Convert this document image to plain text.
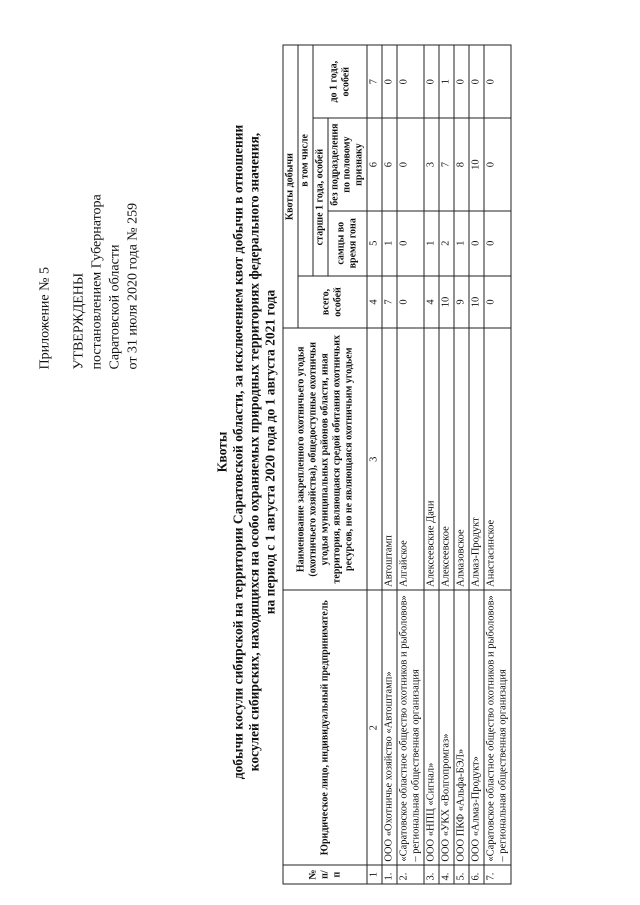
Приложение № 5 УТВЕРЖДЕНЫ постановлением Губернатора Саратовской области от 31 июля 2020 года № 259
Квоты добычи косули сибирской на территории Саратовской области, за исключением квот добычи в отношении косулей сибирских, находящихся на особо охраняемых природных территориях федерального значения, на период с 1 августа 2020 года до 1 августа 2021 года
№ п/п	Юридическое лицо, индивидуальный предприниматель	Наименование закрепленного охотничьего угодья (охотничьего хозяйства), общедоступные охотничьи угодья муниципальных районов области, иная территория, являющаяся средой обитания охотничьих ресурсов, но не являющаяся охотничьим угодьем	Квоты добычи			
			всего, особей	в том числе		
				старше 1 года, особей		до 1 года, особей
				самцы во время гона	без подразделения по половому признаку	
1	2	3	4	5	6	7
1.	ООО «Охотничье хозяйство «Автоштамп»	Автоштамп	7	1	6	0
2.	«Саратовское областное общество охотников и рыболовов» – региональная общественная организация	Алгайское	0	0	0	0
3.	ООО «НПЦ «Сигнал»	Алексеевские Дачи	4	1	3	0
4.	ООО «УКХ «Волгопромгаз»	Алексеевское	10	2	7	1
5.	ООО ПКФ «Альфа-БЭЛ»	Алмазовское	9	1	8	0
6.	ООО «Алмаз-Продукт»	Алмаз-Продукт	10	0	10	0
7.	«Саратовское областное общество охотников и рыболовов» – региональная общественная организация	Анастасинское	0	0	0	0
